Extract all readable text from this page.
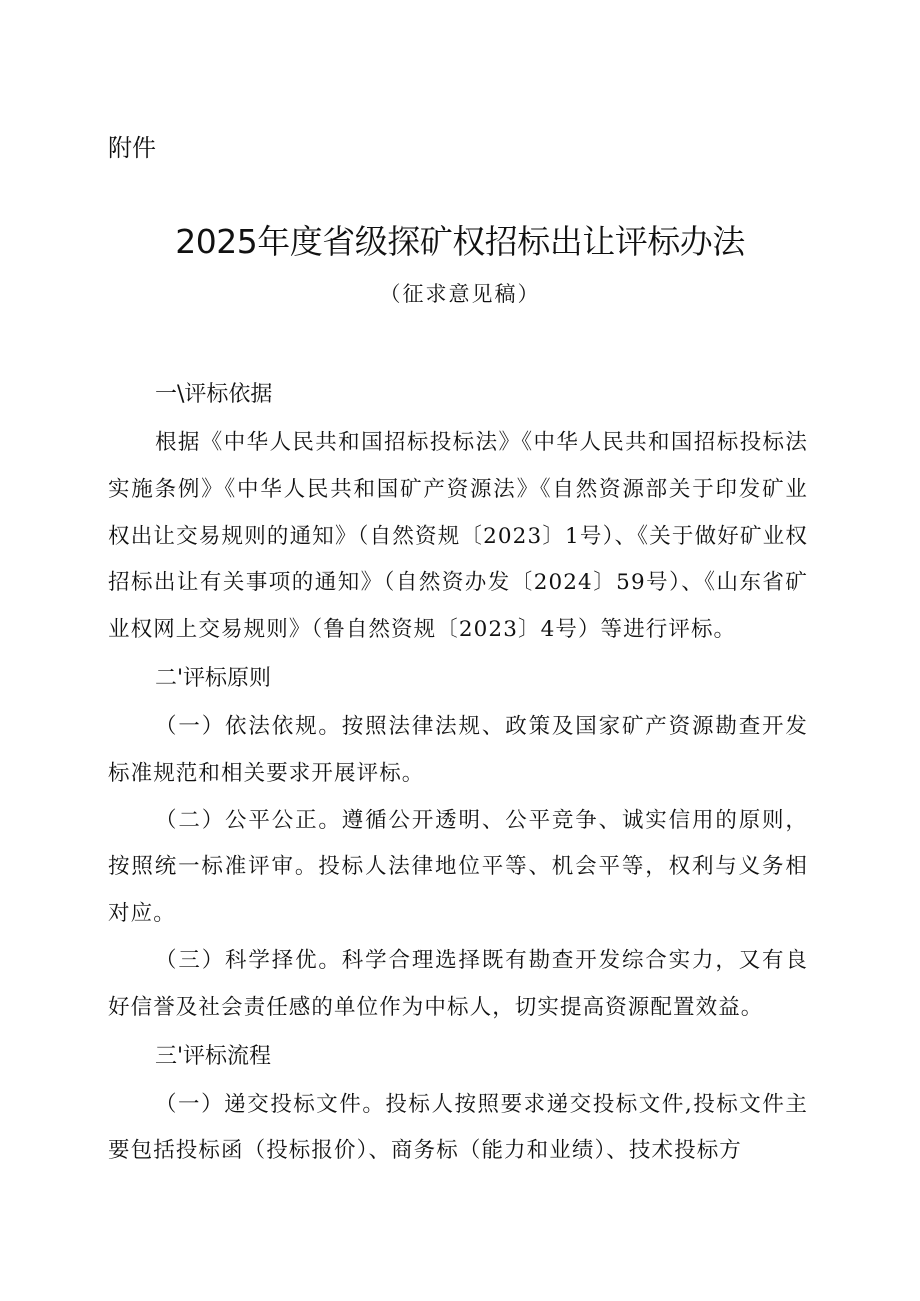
附件
2025年度省级探矿权招标出让评标办法
（征求意见稿）
一\评标依据

根据《中华人民共和国招标投标法》《中华人民共和国招标投标法实施条例》《中华人民共和国矿产资源法》《自然资源部关于印发矿业权出让交易规则的通知》（自然资规〔2023〕1号）、《关于做好矿业权招标出让有关事项的通知》（自然资办发〔2024〕59号）、《山东省矿业权网上交易规则》（鲁自然资规〔2023〕4号）等进行评标。

二'评标原则

（一）依法依规。按照法律法规、政策及国家矿产资源勘查开发标准规范和相关要求开展评标。

（二）公平公正。遵循公开透明、公平竞争、诚实信用的原则，按照统一标准评审。投标人法律地位平等、机会平等，权利与义务相对应。

（三）科学择优。科学合理选择既有勘查开发综合实力，又有良好信誉及社会责任感的单位作为中标人，切实提高资源配置效益。

三'评标流程

（一）递交投标文件。投标人按照要求递交投标文件,投标文件主要包括投标函（投标报价）、商务标（能力和业绩）、技术投标方
